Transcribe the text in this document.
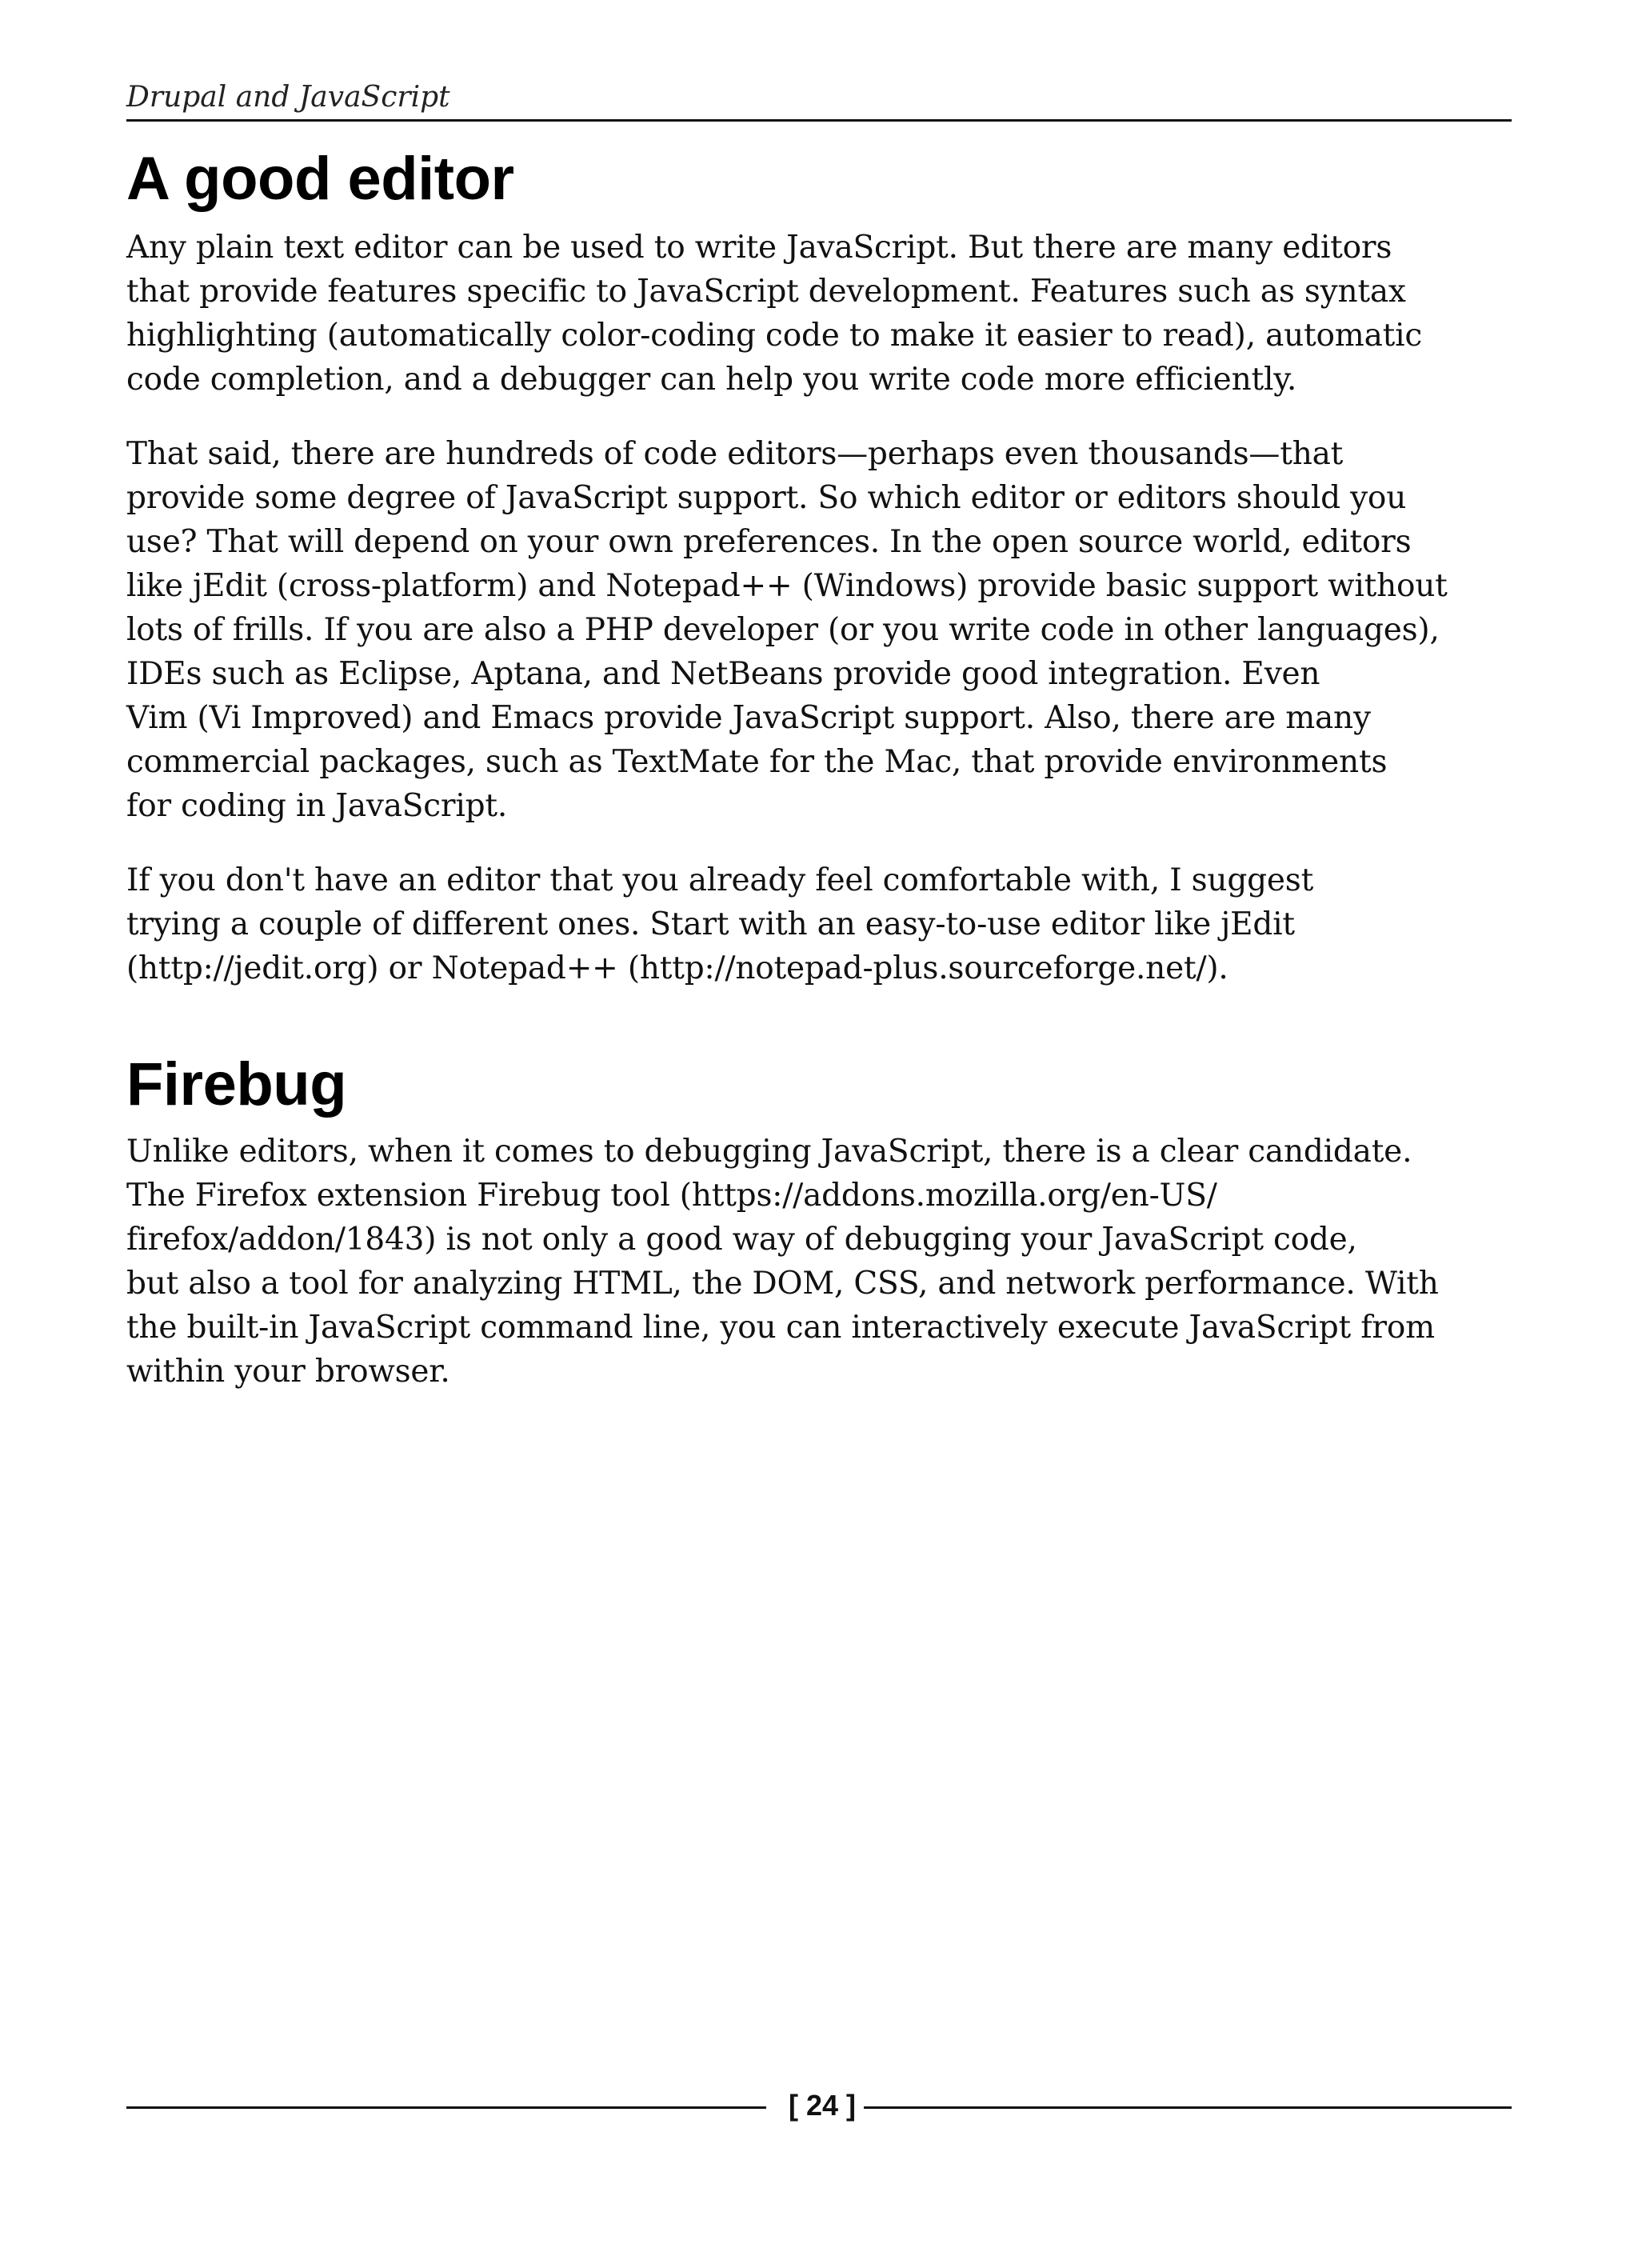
Drupal and JavaScript
A good editor

Any plain text editor can be used to write JavaScript. But there are many editors
that provide features specific to JavaScript development. Features such as syntax
highlighting (automatically color-coding code to make it easier to read), automatic
code completion, and a debugger can help you write code more efficiently.

That said, there are hundreds of code editors—perhaps even thousands—that
provide some degree of JavaScript support. So which editor or editors should you
use? That will depend on your own preferences. In the open source world, editors
like jEdit (cross-platform) and Notepad++ (Windows) provide basic support without
lots of frills. If you are also a PHP developer (or you write code in other languages),
IDEs such as Eclipse, Aptana, and NetBeans provide good integration. Even
Vim (Vi Improved) and Emacs provide JavaScript support. Also, there are many
commercial packages, such as TextMate for the Mac, that provide environments
for coding in JavaScript.

If you don't have an editor that you already feel comfortable with, I suggest
trying a couple of different ones. Start with an easy-to-use editor like jEdit
(http://jedit.org) or Notepad++ (http://notepad-plus.sourceforge.net/).

Firebug

Unlike editors, when it comes to debugging JavaScript, there is a clear candidate.
The Firefox extension Firebug tool (https://addons.mozilla.org/en-US/
firefox/addon/1843) is not only a good way of debugging your JavaScript code,
but also a tool for analyzing HTML, the DOM, CSS, and network performance. With
the built-in JavaScript command line, you can interactively execute JavaScript from
within your browser.

[ 24 ]
